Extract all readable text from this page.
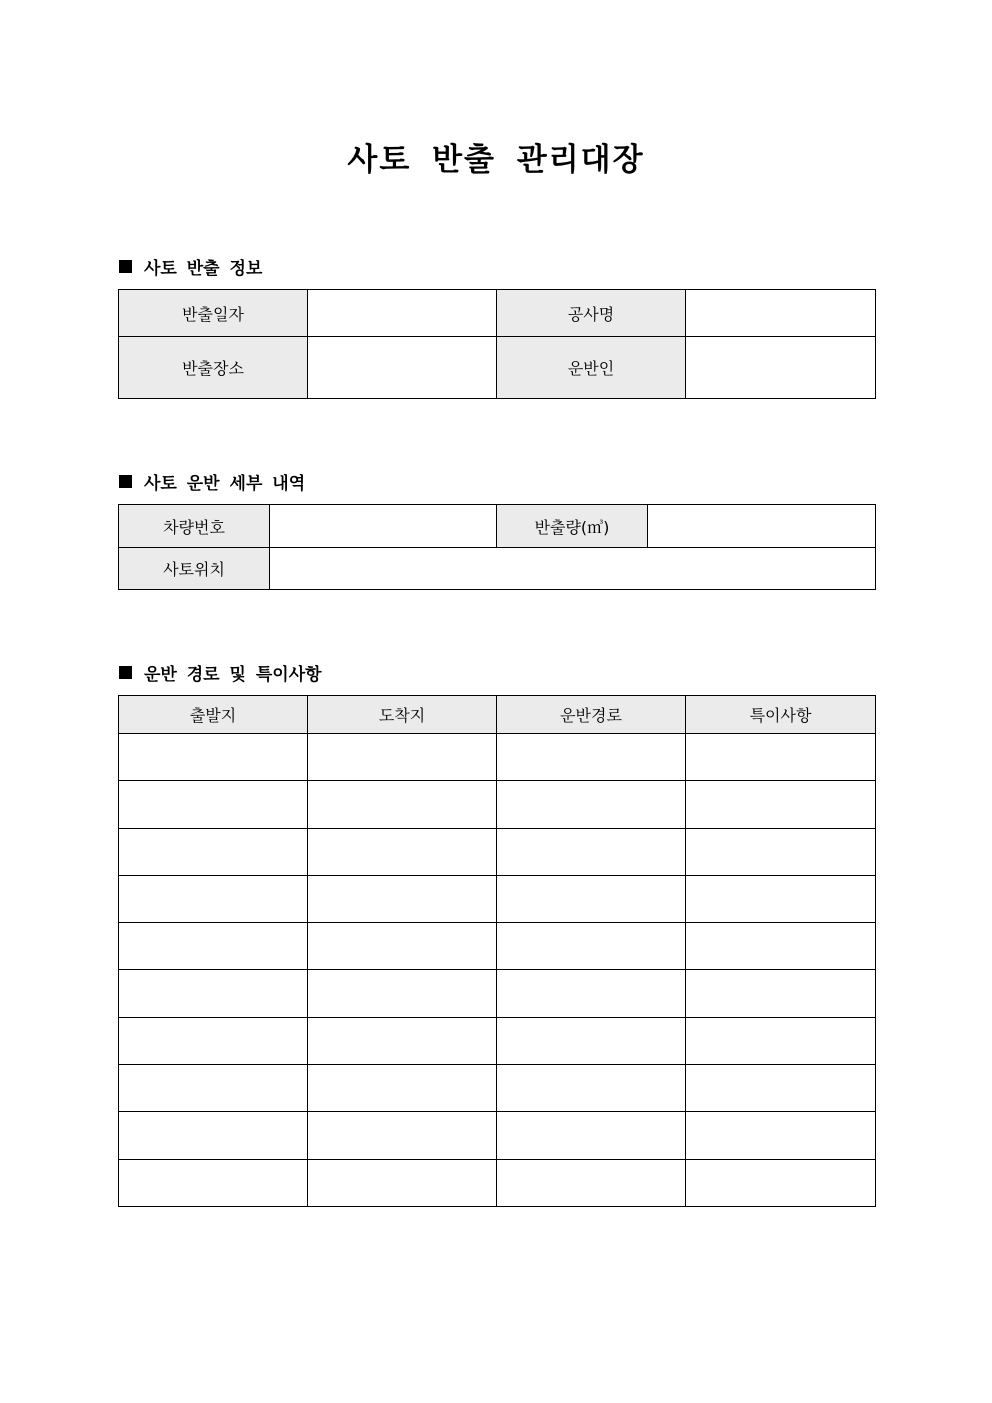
사토 반출 관리대장
사토 반출 정보
반출일자		공사명	
반출장소		운반인	
사토 운반 세부 내역
차량번호		반출량(㎥)	
사토위치			
운반 경로 및 특이사항
출발지	도착지	운반경로	특이사항
